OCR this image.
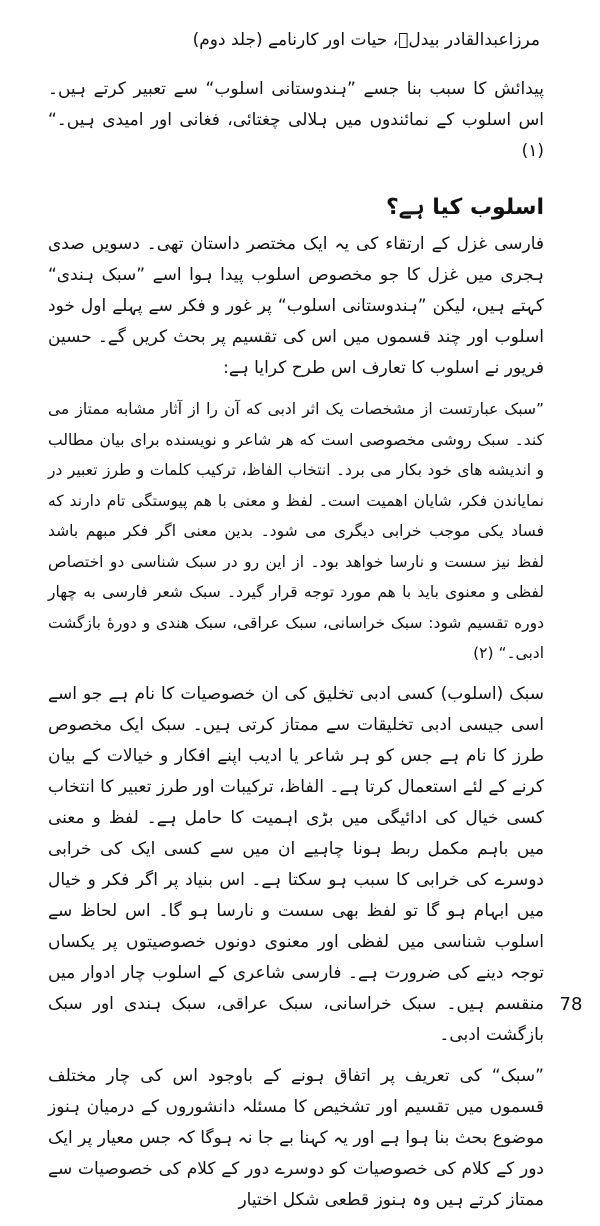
مرزاعبدالقادر بیدلؔ، حیات اور کارنامے (جلد دوم)

پیدائش کا سبب بنا جسے ”ہندوستانی اسلوب“ سے تعبیر کرتے ہیں۔ اس اسلوب کے نمائندوں میں ہلالی چغتائی، فغانی اور امیدی ہیں۔“ (۱)

اسلوب کیا ہے؟

فارسی غزل کے ارتقاء کی یہ ایک مختصر داستان تھی۔ دسویں صدی ہجری میں غزل کا جو مخصوص اسلوب پیدا ہوا اسے ”سبک ہندی“ کہتے ہیں، لیکن ”ہندوستانی اسلوب“ پر غور و فکر سے پہلے اول خود اسلوب اور چند قسموں میں اس کی تقسیم پر بحث کریں گے۔ حسین فریور نے اسلوب کا تعارف اس طرح کرایا ہے:

”سبک عبارتست از مشخصات یک اثر ادبی که آن را از آثار مشابه ممتاز می کند۔ سبک روشی مخصوصی است که هر شاعر و نویسنده برای بیان مطالب و اندیشه های خود بکار می برد۔ انتخاب الفاظ، ترکیب کلمات و طرز تعبیر در نمایاندن فکر، شایان اهمیت است۔ لفظ و معنی با هم پیوستگی تام دارند که فساد یکی موجب خرابی دیگری می شود۔ بدین معنی اگر فکر مبهم باشد لفظ نیز سست و نارسا خواهد بود۔ از این رو در سبک شناسی دو اختصاص لفظی و معنوی باید با هم مورد توجه قرار گیرد۔ سبک شعر فارسی به چهار دوره تقسیم شود: سبک خراسانی، سبک عراقی، سبک هندی و دورهٔ بازگشت ادبی۔“ (۲)

سبک (اسلوب) کسی ادبی تخلیق کی ان خصوصیات کا نام ہے جو اسے اسی جیسی ادبی تخلیقات سے ممتاز کرتی ہیں۔ سبک ایک مخصوص طرز کا نام ہے جس کو ہر شاعر یا ادیب اپنے افکار و خیالات کے بیان کرنے کے لئے استعمال کرتا ہے۔ الفاظ، ترکیبات اور طرز تعبیر کا انتخاب کسی خیال کی ادائیگی میں بڑی اہمیت کا حامل ہے۔ لفظ و معنی میں باہم مکمل ربط ہونا چاہیے ان میں سے کسی ایک کی خرابی دوسرے کی خرابی کا سبب ہو سکتا ہے۔ اس بنیاد پر اگر فکر و خیال میں ابہام ہو گا تو لفظ بھی سست و نارسا ہو گا۔ اس لحاظ سے اسلوب شناسی میں لفظی اور معنوی دونوں خصوصیتوں پر یکساں توجہ دینے کی ضرورت ہے۔ فارسی شاعری کے اسلوب چار ادوار میں منقسم ہیں۔ سبک خراسانی، سبک عراقی، سبک ہندی اور سبک بازگشت ادبی۔

”سبک“ کی تعریف پر اتفاق ہونے کے باوجود اس کی چار مختلف قسموں میں تقسیم اور تشخیص کا مسئلہ دانشوروں کے درمیان ہنوز موضوع بحث بنا ہوا ہے اور یہ کہنا بے جا نہ ہوگا کہ جس معیار پر ایک دور کے کلام کی خصوصیات کو دوسرے دور کے کلام کی خصوصیات سے ممتاز کرتے ہیں وہ ہنوز قطعی شکل اختیار

78
